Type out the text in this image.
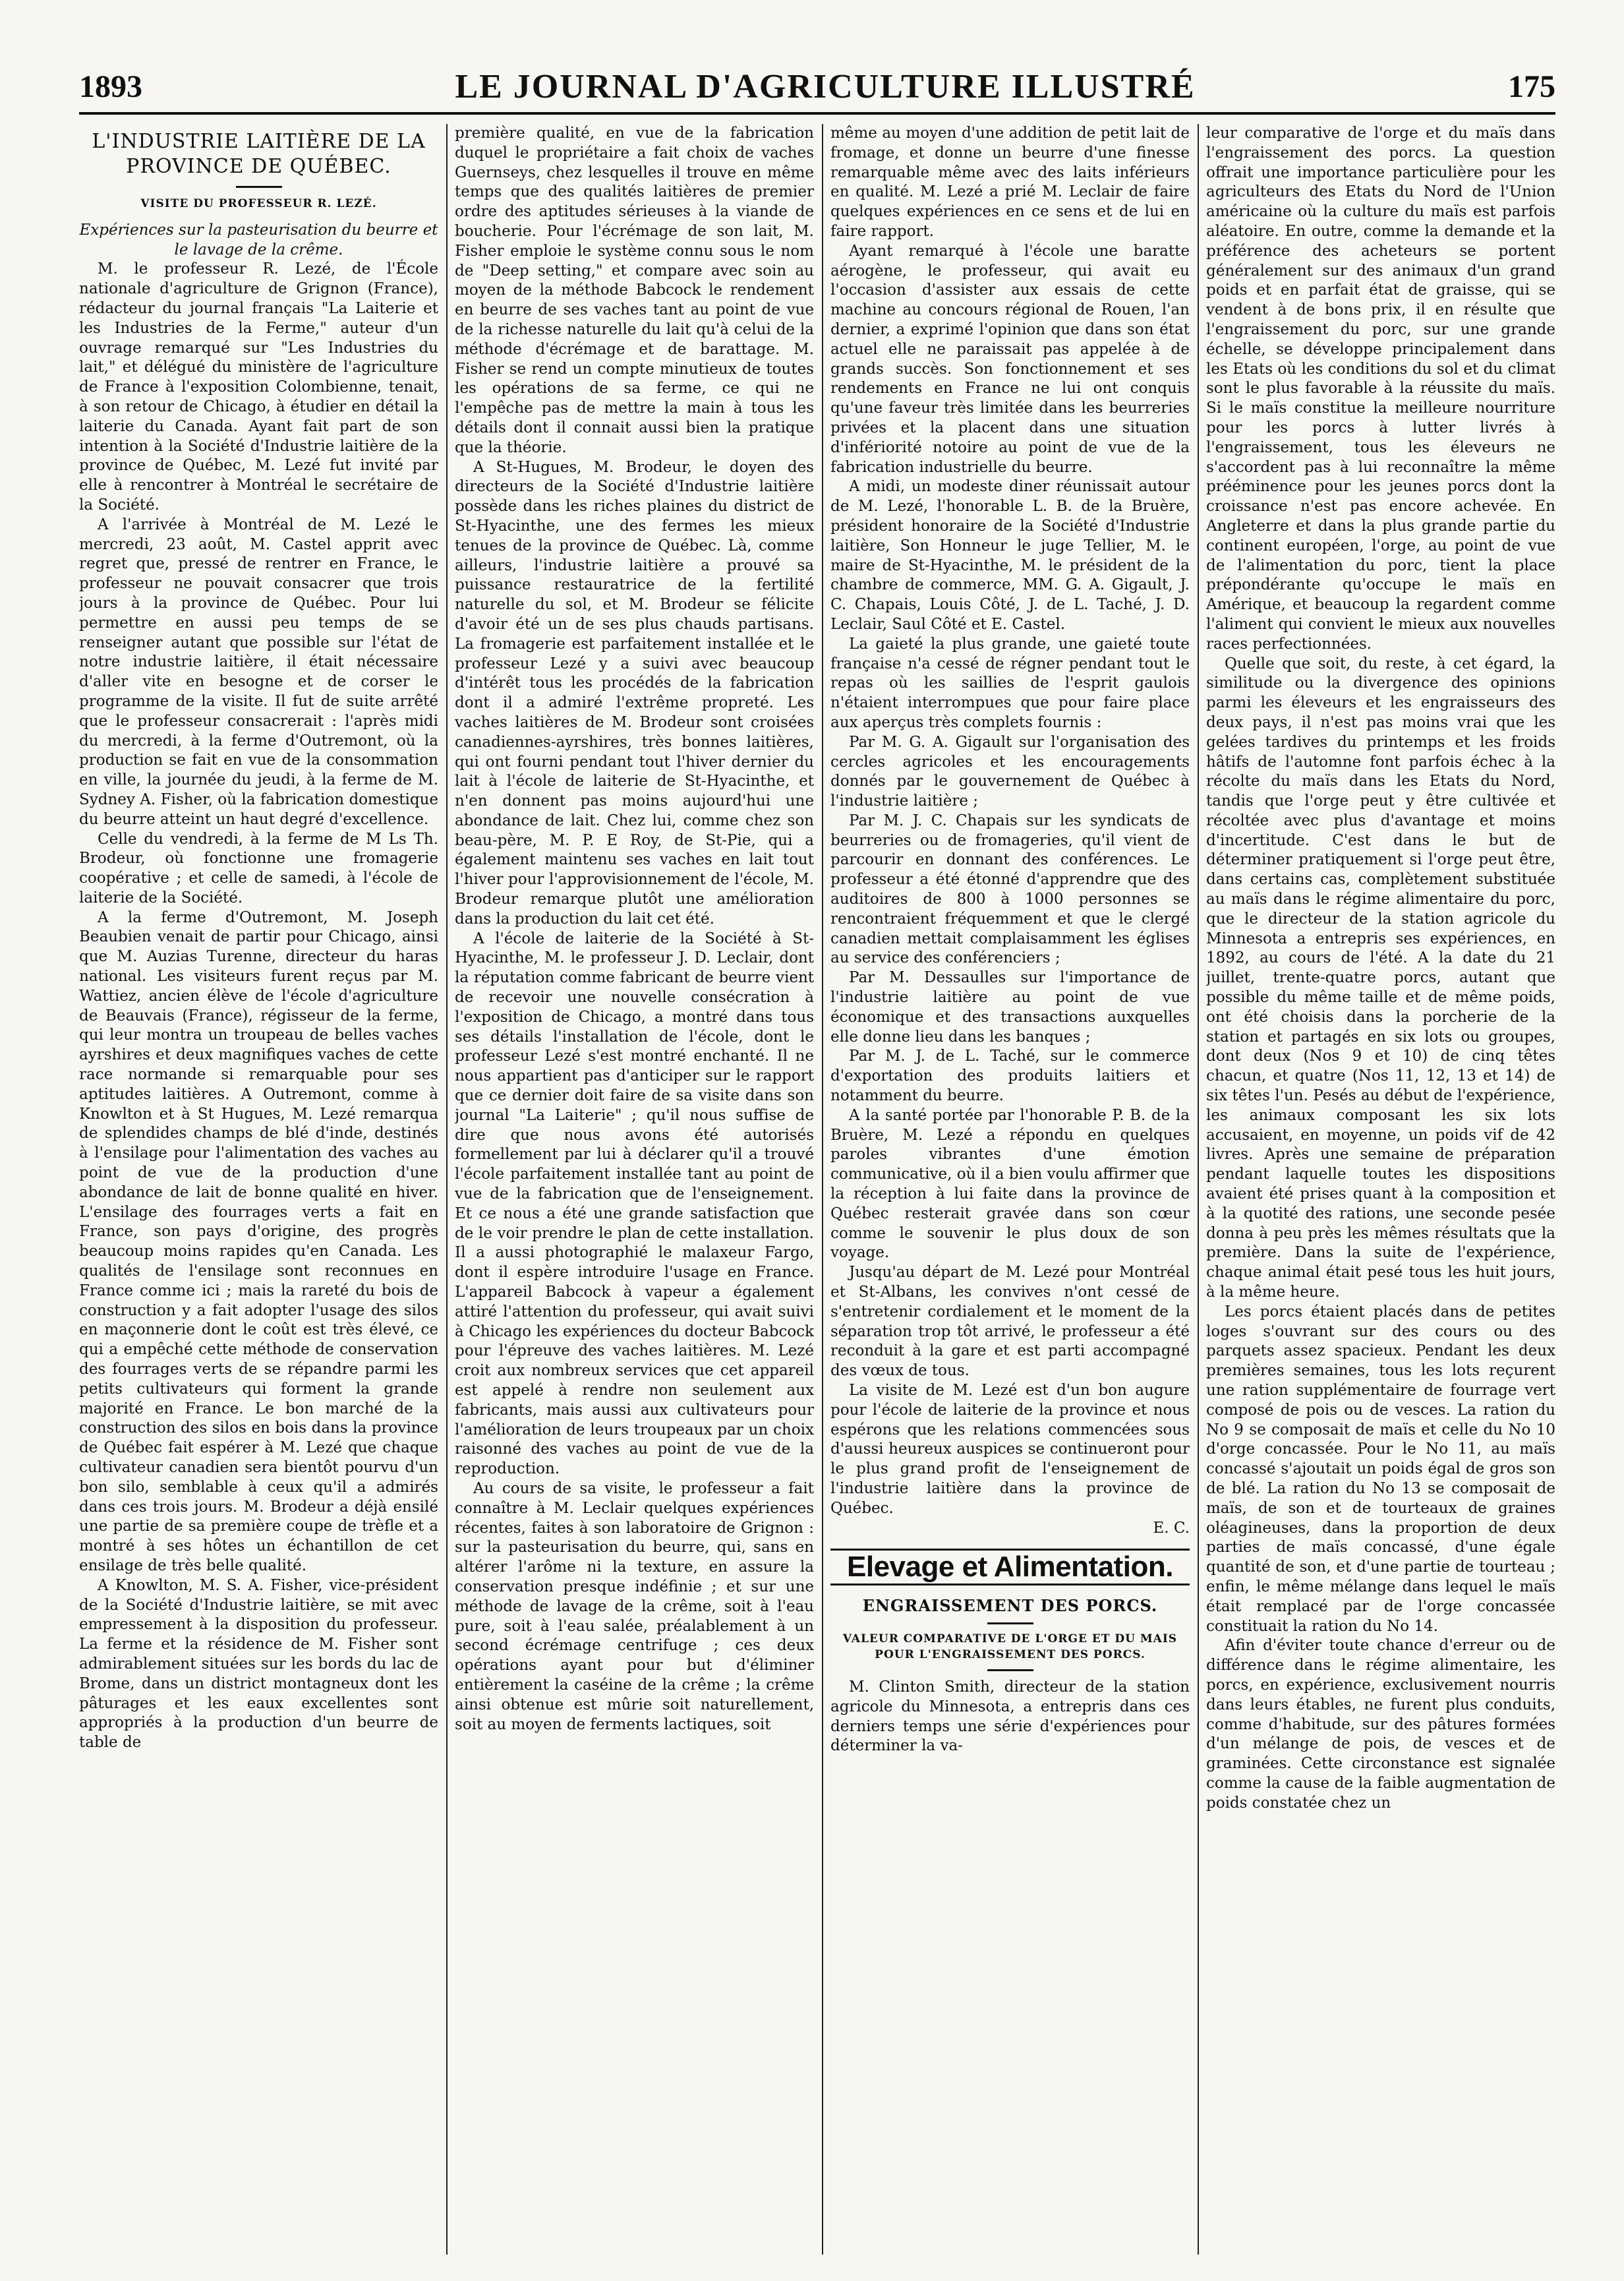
1893	LE JOURNAL D'AGRICULTURE ILLUSTRÉ	175
L'INDUSTRIE LAITIÈRE DE LA PROVINCE DE QUÉBEC.
VISITE DU PROFESSEUR R. LEZÉ.

Expériences sur la pasteurisation du beurre et le lavage de la crême.

M. le professeur R. Lezé, de l'École nationale d'agriculture de Grignon (France), rédacteur du journal français "La Laiterie et les Industries de la Ferme," auteur d'un ouvrage remarqué sur "Les Industries du lait," et délégué du ministère de l'agriculture de France à l'exposition Colombienne, tenait, à son retour de Chicago, à étudier en détail la laiterie du Canada. Ayant fait part de son intention à la Société d'Industrie laitière de la province de Québec, M. Lezé fut invité par elle à rencontrer à Montréal le secrétaire de la Société.

A l'arrivée à Montréal de M. Lezé le mercredi, 23 août, M. Castel apprit avec regret que, pressé de rentrer en France, le professeur ne pouvait consacrer que trois jours à la province de Québec. Pour lui permettre en aussi peu temps de se renseigner autant que possible sur l'état de notre industrie laitière, il était nécessaire d'aller vite en besogne et de corser le programme de la visite. Il fut de suite arrêté que le professeur consacrerait : l'après midi du mercredi, à la ferme d'Outremont, où la production se fait en vue de la consommation en ville, la journée du jeudi, à la ferme de M. Sydney A. Fisher, où la fabrication domestique du beurre atteint un haut degré d'excellence.

Celle du vendredi, à la ferme de M Ls Th. Brodeur, où fonctionne une fromagerie coopérative ; et celle de samedi, à l'école de laiterie de la Société.

A la ferme d'Outremont, M. Joseph Beaubien venait de partir pour Chicago, ainsi que M. Auzias Turenne, directeur du haras national. Les visiteurs furent reçus par M. Wattiez, ancien élève de l'école d'agriculture de Beauvais (France), régisseur de la ferme, qui leur montra un troupeau de belles vaches ayrshires et deux magnifiques vaches de cette race normande si remarquable pour ses aptitudes laitières. A Outremont, comme à Knowlton et à St Hugues, M. Lezé remarqua de splendides champs de blé d'inde, destinés à l'ensilage pour l'alimentation des vaches au point de vue de la production d'une abondance de lait de bonne qualité en hiver. L'ensilage des fourrages verts a fait en France, son pays d'origine, des progrès beaucoup moins rapides qu'en Canada. Les qualités de l'ensilage sont reconnues en France comme ici ; mais la rareté du bois de construction y a fait adopter l'usage des silos en maçonnerie dont le coût est très élevé, ce qui a empêché cette méthode de conservation des fourrages verts de se répandre parmi les petits cultivateurs qui forment la grande majorité en France. Le bon marché de la construction des silos en bois dans la province de Québec fait espérer à M. Lezé que chaque cultivateur canadien sera bientôt pourvu d'un bon silo, semblable à ceux qu'il a admirés dans ces trois jours. M. Brodeur a déjà ensilé une partie de sa première coupe de trèfle et a montré à ses hôtes un échantillon de cet ensilage de très belle qualité.

A Knowlton, M. S. A. Fisher, vice-président de la Société d'Industrie laitière, se mit avec empressement à la disposition du professeur. La ferme et la résidence de M. Fisher sont admirablement situées sur les bords du lac de Brome, dans un district montagneux dont les pâturages et les eaux excellentes sont appropriés à la production d'un beurre de table de

première qualité, en vue de la fabrication duquel le propriétaire a fait choix de vaches Guernseys, chez lesquelles il trouve en même temps que des qualités laitières de premier ordre des aptitudes sérieuses à la viande de boucherie. Pour l'écrémage de son lait, M. Fisher emploie le système connu sous le nom de "Deep setting," et compare avec soin au moyen de la méthode Babcock le rendement en beurre de ses vaches tant au point de vue de la richesse naturelle du lait qu'à celui de la méthode d'écrémage et de barattage. M. Fisher se rend un compte minutieux de toutes les opérations de sa ferme, ce qui ne l'empêche pas de mettre la main à tous les détails dont il connait aussi bien la pratique que la théorie.

A St-Hugues, M. Brodeur, le doyen des directeurs de la Société d'Industrie laitière possède dans les riches plaines du district de St-Hyacinthe, une des fermes les mieux tenues de la province de Québec. Là, comme ailleurs, l'industrie laitière a prouvé sa puissance restauratrice de la fertilité naturelle du sol, et M. Brodeur se félicite d'avoir été un de ses plus chauds partisans. La fromagerie est parfaitement installée et le professeur Lezé y a suivi avec beaucoup d'intérêt tous les procédés de la fabrication dont il a admiré l'extrême propreté. Les vaches laitières de M. Brodeur sont croisées canadiennes-ayrshires, très bonnes laitières, qui ont fourni pendant tout l'hiver dernier du lait à l'école de laiterie de St-Hyacinthe, et n'en donnent pas moins aujourd'hui une abondance de lait. Chez lui, comme chez son beau-père, M. P. E Roy, de St-Pie, qui a également maintenu ses vaches en lait tout l'hiver pour l'approvisionnement de l'école, M. Brodeur remarque plutôt une amélioration dans la production du lait cet été.

A l'école de laiterie de la Société à St-Hyacinthe, M. le professeur J. D. Leclair, dont la réputation comme fabricant de beurre vient de recevoir une nouvelle consécration à l'exposition de Chicago, a montré dans tous ses détails l'installation de l'école, dont le professeur Lezé s'est montré enchanté. Il ne nous appartient pas d'anticiper sur le rapport que ce dernier doit faire de sa visite dans son journal "La Laiterie" ; qu'il nous suffise de dire que nous avons été autorisés formellement par lui à déclarer qu'il a trouvé l'école parfaitement installée tant au point de vue de la fabrication que de l'enseignement. Et ce nous a été une grande satisfaction que de le voir prendre le plan de cette installation. Il a aussi photographié le malaxeur Fargo, dont il espère introduire l'usage en France. L'appareil Babcock à vapeur a également attiré l'attention du professeur, qui avait suivi à Chicago les expériences du docteur Babcock pour l'épreuve des vaches laitières. M. Lezé croit aux nombreux services que cet appareil est appelé à rendre non seulement aux fabricants, mais aussi aux cultivateurs pour l'amélioration de leurs troupeaux par un choix raisonné des vaches au point de vue de la reproduction.

Au cours de sa visite, le professeur a fait connaître à M. Leclair quelques expériences récentes, faites à son laboratoire de Grignon : sur la pasteurisation du beurre, qui, sans en altérer l'arôme ni la texture, en assure la conservation presque indéfinie ; et sur une méthode de lavage de la crême, soit à l'eau pure, soit à l'eau salée, préalablement à un second écrémage centrifuge ; ces deux opérations ayant pour but d'éliminer entièrement la caséine de la crême ; la crême ainsi obtenue est mûrie soit naturellement, soit au moyen de ferments lactiques, soit

même au moyen d'une addition de petit lait de fromage, et donne un beurre d'une finesse remarquable même avec des laits inférieurs en qualité. M. Lezé a prié M. Leclair de faire quelques expériences en ce sens et de lui en faire rapport.

Ayant remarqué à l'école une baratte aérogène, le professeur, qui avait eu l'occasion d'assister aux essais de cette machine au concours régional de Rouen, l'an dernier, a exprimé l'opinion que dans son état actuel elle ne paraissait pas appelée à de grands succès. Son fonctionnement et ses rendements en France ne lui ont conquis qu'une faveur très limitée dans les beurreries privées et la placent dans une situation d'infériorité notoire au point de vue de la fabrication industrielle du beurre.

A midi, un modeste diner réunissait autour de M. Lezé, l'honorable L. B. de la Bruère, président honoraire de la Société d'Industrie laitière, Son Honneur le juge Tellier, M. le maire de St-Hyacinthe, M. le président de la chambre de commerce, MM. G. A. Gigault, J. C. Chapais, Louis Côté, J. de L. Taché, J. D. Leclair, Saul Côté et E. Castel.

La gaieté la plus grande, une gaieté toute française n'a cessé de régner pendant tout le repas où les saillies de l'esprit gaulois n'étaient interrompues que pour faire place aux aperçus très complets fournis :

Par M. G. A. Gigault sur l'organisation des cercles agricoles et les encouragements donnés par le gouvernement de Québec à l'industrie laitière ;

Par M. J. C. Chapais sur les syndicats de beurreries ou de fromageries, qu'il vient de parcourir en donnant des conférences. Le professeur a été étonné d'apprendre que des auditoires de 800 à 1000 personnes se rencontraient fréquemment et que le clergé canadien mettait complaisamment les églises au service des conférenciers ;

Par M. Dessaulles sur l'importance de l'industrie laitière au point de vue économique et des transactions auxquelles elle donne lieu dans les banques ;

Par M. J. de L. Taché, sur le commerce d'exportation des produits laitiers et notamment du beurre.

A la santé portée par l'honorable P. B. de la Bruère, M. Lezé a répondu en quelques paroles vibrantes d'une émotion communicative, où il a bien voulu affirmer que la réception à lui faite dans la province de Québec resterait gravée dans son cœur comme le souvenir le plus doux de son voyage.

Jusqu'au départ de M. Lezé pour Montréal et St-Albans, les convives n'ont cessé de s'entretenir cordialement et le moment de la séparation trop tôt arrivé, le professeur a été reconduit à la gare et est parti accompagné des vœux de tous.

La visite de M. Lezé est d'un bon augure pour l'école de laiterie de la province et nous espérons que les relations commencées sous d'aussi heureux auspices se continueront pour le plus grand profit de l'enseignement de l'industrie laitière dans la province de Québec.

E. C.
Elevage et Alimentation.
ENGRAISSEMENT DES PORCS.
VALEUR COMPARATIVE DE L'ORGE ET DU MAIS POUR L'ENGRAISSEMENT DES PORCS.

M. Clinton Smith, directeur de la station agricole du Minnesota, a entrepris dans ces derniers temps une série d'expériences pour déterminer la va-

leur comparative de l'orge et du maïs dans l'engraissement des porcs. La question offrait une importance particulière pour les agriculteurs des Etats du Nord de l'Union américaine où la culture du maïs est parfois aléatoire. En outre, comme la demande et la préférence des acheteurs se portent généralement sur des animaux d'un grand poids et en parfait état de graisse, qui se vendent à de bons prix, il en résulte que l'engraissement du porc, sur une grande échelle, se développe principalement dans les Etats où les conditions du sol et du climat sont le plus favorable à la réussite du maïs. Si le maïs constitue la meilleure nourriture pour les porcs à lutter livrés à l'engraissement, tous les éleveurs ne s'accordent pas à lui reconnaître la même prééminence pour les jeunes porcs dont la croissance n'est pas encore achevée. En Angleterre et dans la plus grande partie du continent européen, l'orge, au point de vue de l'alimentation du porc, tient la place prépondérante qu'occupe le maïs en Amérique, et beaucoup la regardent comme l'aliment qui convient le mieux aux nouvelles races perfectionnées.

Quelle que soit, du reste, à cet égard, la similitude ou la divergence des opinions parmi les éleveurs et les engraisseurs des deux pays, il n'est pas moins vrai que les gelées tardives du printemps et les froids hâtifs de l'automne font parfois échec à la récolte du maïs dans les Etats du Nord, tandis que l'orge peut y être cultivée et récoltée avec plus d'avantage et moins d'incertitude. C'est dans le but de déterminer pratiquement si l'orge peut être, dans certains cas, complètement substituée au maïs dans le régime alimentaire du porc, que le directeur de la station agricole du Minnesota a entrepris ses expériences, en 1892, au cours de l'été. A la date du 21 juillet, trente-quatre porcs, autant que possible du même taille et de même poids, ont été choisis dans la porcherie de la station et partagés en six lots ou groupes, dont deux (Nos 9 et 10) de cinq têtes chacun, et quatre (Nos 11, 12, 13 et 14) de six têtes l'un. Pesés au début de l'expérience, les animaux composant les six lots accusaient, en moyenne, un poids vif de 42 livres. Après une semaine de préparation pendant laquelle toutes les dispositions avaient été prises quant à la composition et à la quotité des rations, une seconde pesée donna à peu près les mêmes résultats que la première. Dans la suite de l'expérience, chaque animal était pesé tous les huit jours, à la même heure.

Les porcs étaient placés dans de petites loges s'ouvrant sur des cours ou des parquets assez spacieux. Pendant les deux premières semaines, tous les lots reçurent une ration supplémentaire de fourrage vert composé de pois ou de vesces. La ration du No 9 se composait de maïs et celle du No 10 d'orge concassée. Pour le No 11, au maïs concassé s'ajoutait un poids égal de gros son de blé. La ration du No 13 se composait de maïs, de son et de tourteaux de graines oléagineuses, dans la proportion de deux parties de maïs concassé, d'une égale quantité de son, et d'une partie de tourteau ; enfin, le même mélange dans lequel le maïs était remplacé par de l'orge concassée constituait la ration du No 14.

Afin d'éviter toute chance d'erreur ou de différence dans le régime alimentaire, les porcs, en expérience, exclusivement nourris dans leurs étables, ne furent plus conduits, comme d'habitude, sur des pâtures formées d'un mélange de pois, de vesces et de graminées. Cette circonstance est signalée comme la cause de la faible augmentation de poids constatée chez un
